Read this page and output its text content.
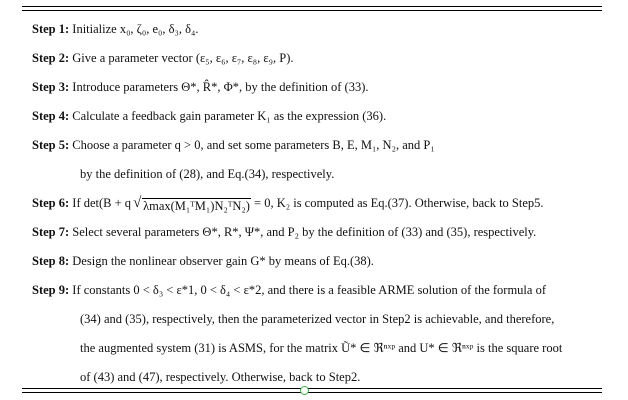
Step 1: Initialize x₀, ζ₀, e₀, δ₃, δ₄.
Step 2: Give a parameter vector (ε₅, ε₆, ε₇, ε₈, ε₉, P).
Step 3: Introduce parameters Θ*, R̂*, Φ*, by the definition of (33).
Step 4: Calculate a feedback gain parameter K₁ as the expression (36).
Step 5: Choose a parameter q > 0, and set some parameters B, E, M₁, N₂, and P₁
by the definition of (28), and Eq.(34), respectively.
Step 6: If det(B + q √ λmax(M₁ᵀM₁)N₂ᵀN₂) = 0, K₂ is computed as Eq.(37). Otherwise, back to Step5.
Step 7: Select several parameters Θ*, R*, Ψ*, and P₂ by the definition of (33) and (35), respectively.
Step 8: Design the nonlinear observer gain G* by means of Eq.(38).
Step 9: If constants 0 < δ₃ < ε*1, 0 < δ₄ < ε*2, and there is a feasible ARME solution of the formula of
(34) and (35), respectively, then the parameterized vector in Step2 is achievable, and therefore,
the augmented system (31) is ASMS, for the matrix Ũ* ∈ ℜⁿˣᵖ and U* ∈ ℜⁿˣᵖ is the square root
of (43) and (47), respectively. Otherwise, back to Step2.
